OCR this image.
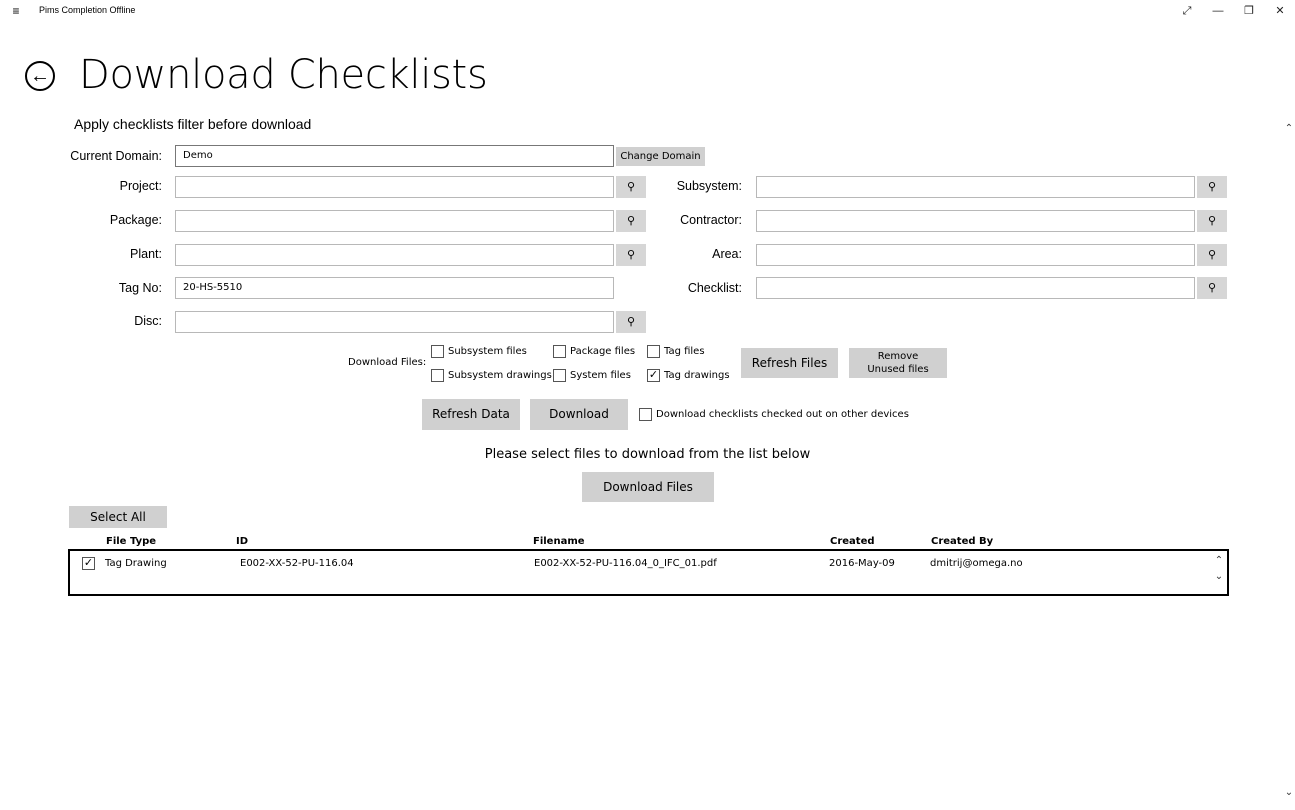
≡	Pims Completion Offline	⤢	—	❐	✕
← Download Checklists
Apply checklists filter before download
Current Domain:	Demo	Change Domain
Project:	⚲
Package:	⚲
Plant:	⚲
Tag No:	20-HS-5510
Disc:	⚲
Subsystem:	⚲
Contractor:	⚲
Area:	⚲
Checklist:	⚲
Download Files:
Subsystem files	Package files	Tag files
Subsystem drawings System files ✓ Tag drawings
Refresh Files	Remove
Unused files
Refresh Data	Download	Download checklists checked out on other devices
Please select files to download from the list below
Download Files
Select All
File Type	ID	Filename	Created	Created By
✓ Tag Drawing	E002-XX-52-PU-116.04	E002-XX-52-PU-116.04_0_IFC_01.pdf	2016-May-09	dmitrij@omega.no	⌃
⌄
⌃
⌄
